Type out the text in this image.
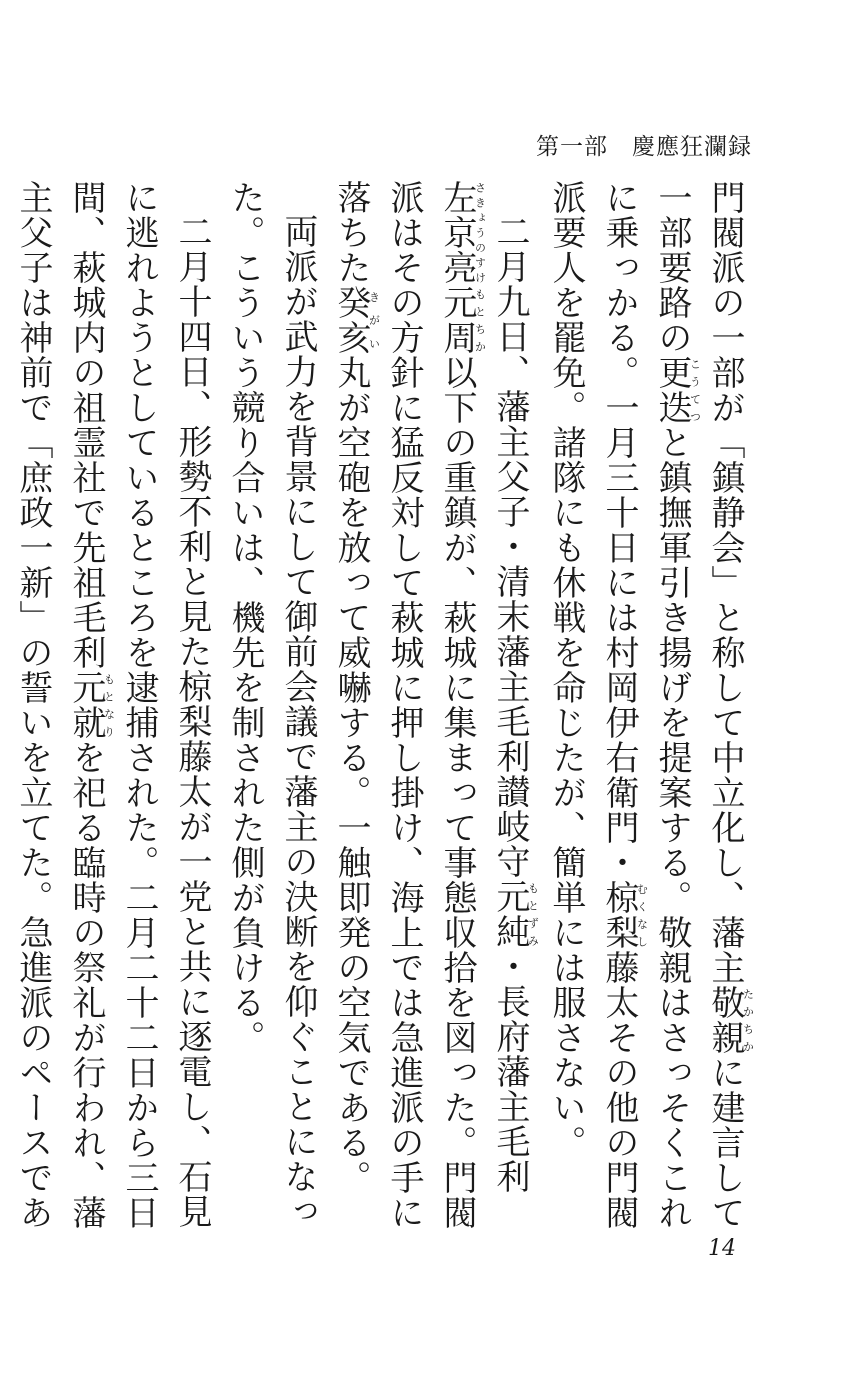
第一部　慶應狂瀾録

門閥派の一部が「鎮静会」と称して中立化し、藩主敬親たかちかに建言して一部要路の更迭こうてつと鎮撫軍引き揚げを提案する。敬親はさっそくこれに乗っかる。一月三十日には村岡伊右衛門・椋梨むくなし藤太その他の門閥派要人を罷免。諸隊にも休戦を命じたが、簡単には服さない。

二月九日、藩主父子・清末藩主毛利讃岐守元純もとずみ・長府藩主毛利左京亮さきょうのすけ元周もとちか以下の重鎮が、萩城に集まって事態収拾を図った。門閥派はその方針に猛反対して萩城に押し掛け、海上では急進派の手に落ちた癸亥きがい丸が空砲を放って威嚇する。一触即発の空気である。

両派が武力を背景にして御前会議で藩主の決断を仰ぐことになった。こういう競り合いは、機先を制された側が負ける。

二月十四日、形勢不利と見た椋梨藤太が一党と共に逐電し、石見に逃れようとしているところを逮捕された。二月二十二日から三日間、萩城内の祖霊社で先祖毛利元就もとなりを祀る臨時の祭礼が行われ、藩主父子は神前で「庶政一新」の誓いを立てた。急進派のペースであ

14
